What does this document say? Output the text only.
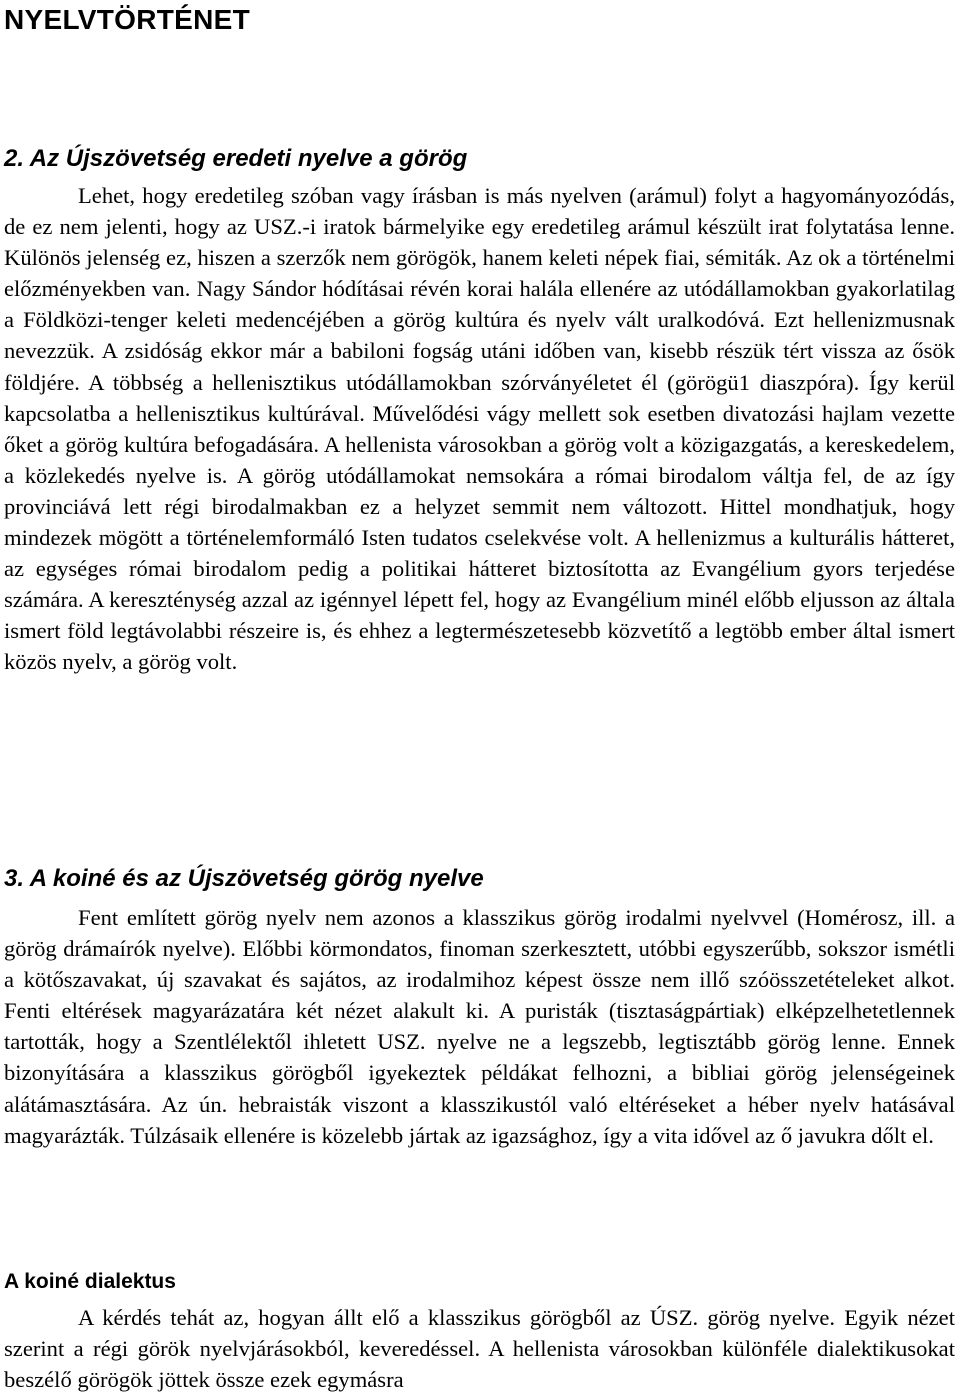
NYELVTÖRTÉNET
2. Az Újszövetség eredeti nyelve a görög

Lehet, hogy eredetileg szóban vagy írásban is más nyelven (arámul) folyt a hagyományozódás, de ez nem jelenti, hogy az USZ.-i iratok bármelyike egy eredetileg arámul készült irat folytatása lenne. Különös jelenség ez, hiszen a szerzők nem görögök, hanem keleti népek fiai, sémiták. Az ok a történelmi előzményekben van. Nagy Sándor hódításai révén korai halála ellenére az utódállamokban gyakorlatilag a Földközi-tenger keleti medencéjében a görög kultúra és nyelv vált uralkodóvá. Ezt hellenizmusnak nevezzük. A zsidóság ekkor már a babiloni fogság utáni időben van, kisebb részük tért vissza az ősök földjére. A többség a hellenisztikus utódállamokban szórványéletet él (görögü1 diaszpóra). Így kerül kapcsolatba a hellenisztikus kultúrával. Művelődési vágy mellett sok esetben divatozási hajlam vezette őket a görög kultúra befogadására. A hellenista városokban a görög volt a közigazgatás, a kereskedelem, a közlekedés nyelve is. A görög utódállamokat nemsokára a római birodalom váltja fel, de az így provinciává lett régi birodalmakban ez a helyzet semmit nem változott. Hittel mondhatjuk, hogy mindezek mögött a történelemformáló Isten tudatos cselekvése volt. A hellenizmus a kulturális hátteret, az egységes római birodalom pedig a politikai hátteret biztosította az Evangélium gyors terjedése számára. A kereszténység azzal az igénnyel lépett fel, hogy az Evangélium minél előbb eljusson az általa ismert föld legtávolabbi részeire is, és ehhez a legtermészetesebb közvetítő a legtöbb ember által ismert közös nyelv, a görög volt.

3. A koiné és az Újszövetség görög nyelve

Fent említett görög nyelv nem azonos a klasszikus görög irodalmi nyelvvel (Homérosz, ill. a görög drámaírók nyelve). Előbbi körmondatos, finoman szerkesztett, utóbbi egyszerűbb, sokszor ismétli a kötőszavakat, új szavakat és sajátos, az irodalmihoz képest össze nem illő szóösszetételeket alkot. Fenti eltérések magyarázatára két nézet alakult ki. A puristák (tisztaságpártiak) elképzelhetetlennek tartották, hogy a Szentlélektől ihletett USZ. nyelve ne a legszebb, legtisztább görög lenne. Ennek bizonyítására a klasszikus görögből igyekeztek példákat felhozni, a bibliai görög jelenségeinek alátámasztására. Az ún. hebraisták viszont a klasszikustól való eltéréseket a héber nyelv hatásával magyarázták. Túlzásaik ellenére is közelebb jártak az igazsághoz, így a vita idővel az ő javukra dőlt el.

A koiné dialektus

A kérdés tehát az, hogyan állt elő a klasszikus görögből az ÚSZ. görög nyelve. Egyik nézet szerint a régi görök nyelvjárásokból, keveredéssel. A hellenista városokban különféle dialektikusokat beszélő görögök jöttek össze ezek egymásra
